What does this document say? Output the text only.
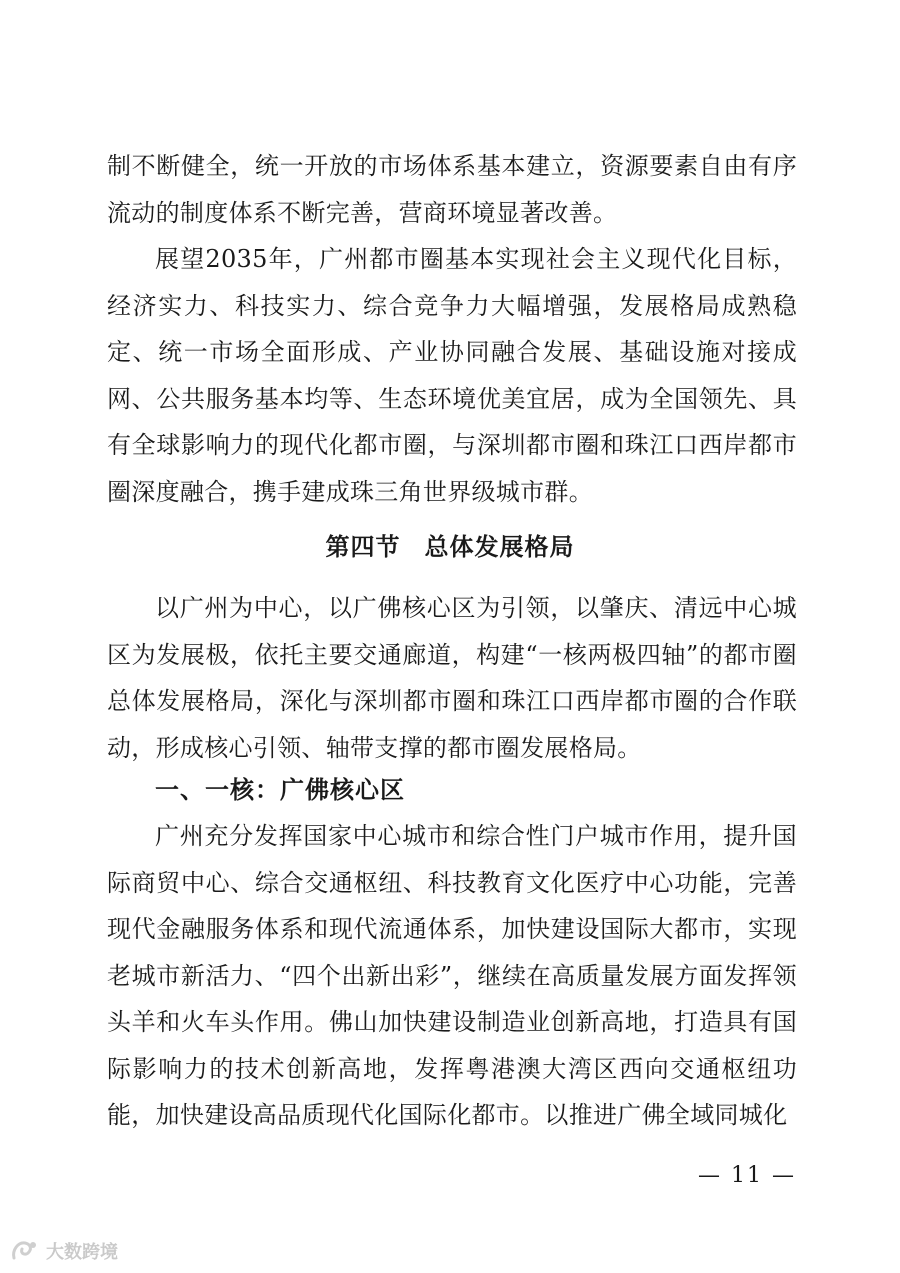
制不断健全，统一开放的市场体系基本建立，资源要素自由有序流动的制度体系不断完善，营商环境显著改善。

展望2035年，广州都市圈基本实现社会主义现代化目标，经济实力、科技实力、综合竞争力大幅增强，发展格局成熟稳定、统一市场全面形成、产业协同融合发展、基础设施对接成网、公共服务基本均等、生态环境优美宜居，成为全国领先、具有全球影响力的现代化都市圈，与深圳都市圈和珠江口西岸都市圈深度融合，携手建成珠三角世界级城市群。

第四节 总体发展格局

以广州为中心，以广佛核心区为引领，以肇庆、清远中心城区为发展极，依托主要交通廊道，构建“一核两极四轴”的都市圈总体发展格局，深化与深圳都市圈和珠江口西岸都市圈的合作联动，形成核心引领、轴带支撑的都市圈发展格局。

一、一核：广佛核心区

广州充分发挥国家中心城市和综合性门户城市作用，提升国际商贸中心、综合交通枢纽、科技教育文化医疗中心功能，完善现代金融服务体系和现代流通体系，加快建设国际大都市，实现老城市新活力、“四个出新出彩”，继续在高质量发展方面发挥领头羊和火车头作用。佛山加快建设制造业创新高地，打造具有国际影响力的技术创新高地，发挥粤港澳大湾区西向交通枢纽功能，加快建设高品质现代化国际化都市。以推进广佛全域同城化

— 11 —
大数跨境
